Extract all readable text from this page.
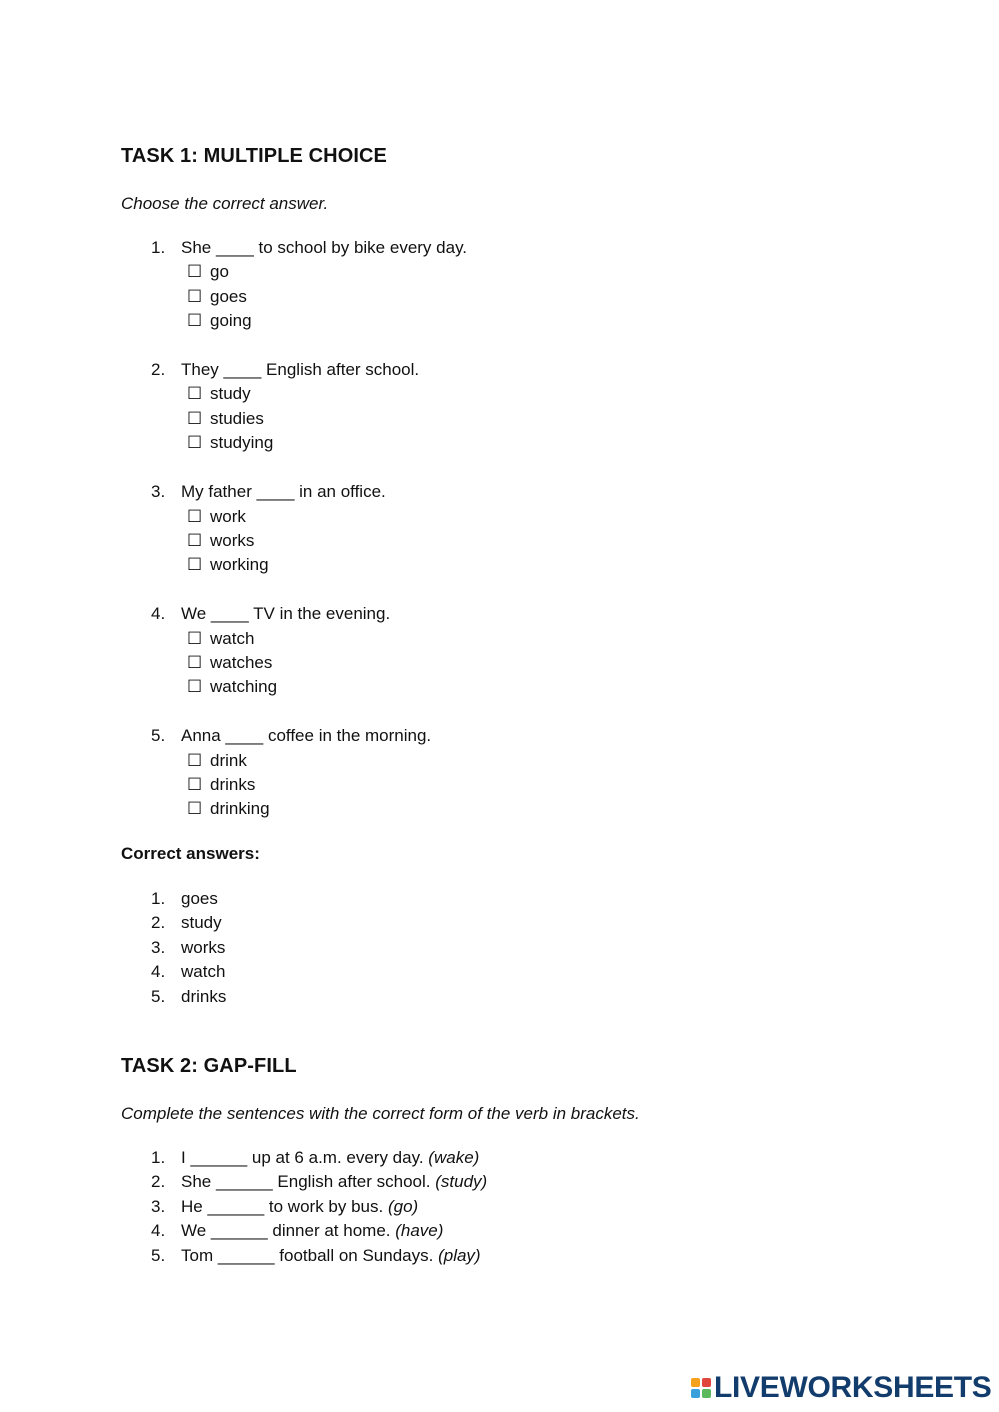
TASK 1: MULTIPLE CHOICE
Choose the correct answer.
1. She ____ to school by bike every day.
☐ go
☐ goes
☐ going
2. They ____ English after school.
☐ study
☐ studies
☐ studying
3. My father ____ in an office.
☐ work
☐ works
☐ working
4. We ____ TV in the evening.
☐ watch
☐ watches
☐ watching
5. Anna ____ coffee in the morning.
☐ drink
☐ drinks
☐ drinking
Correct answers:
1. goes
2. study
3. works
4. watch
5. drinks
TASK 2: GAP-FILL
Complete the sentences with the correct form of the verb in brackets.
1. I ______ up at 6 a.m. every day. (wake)
2. She ______ English after school. (study)
3. He ______ to work by bus. (go)
4. We ______ dinner at home. (have)
5. Tom ______ football on Sundays. (play)
LIVEWORKSHEETS
